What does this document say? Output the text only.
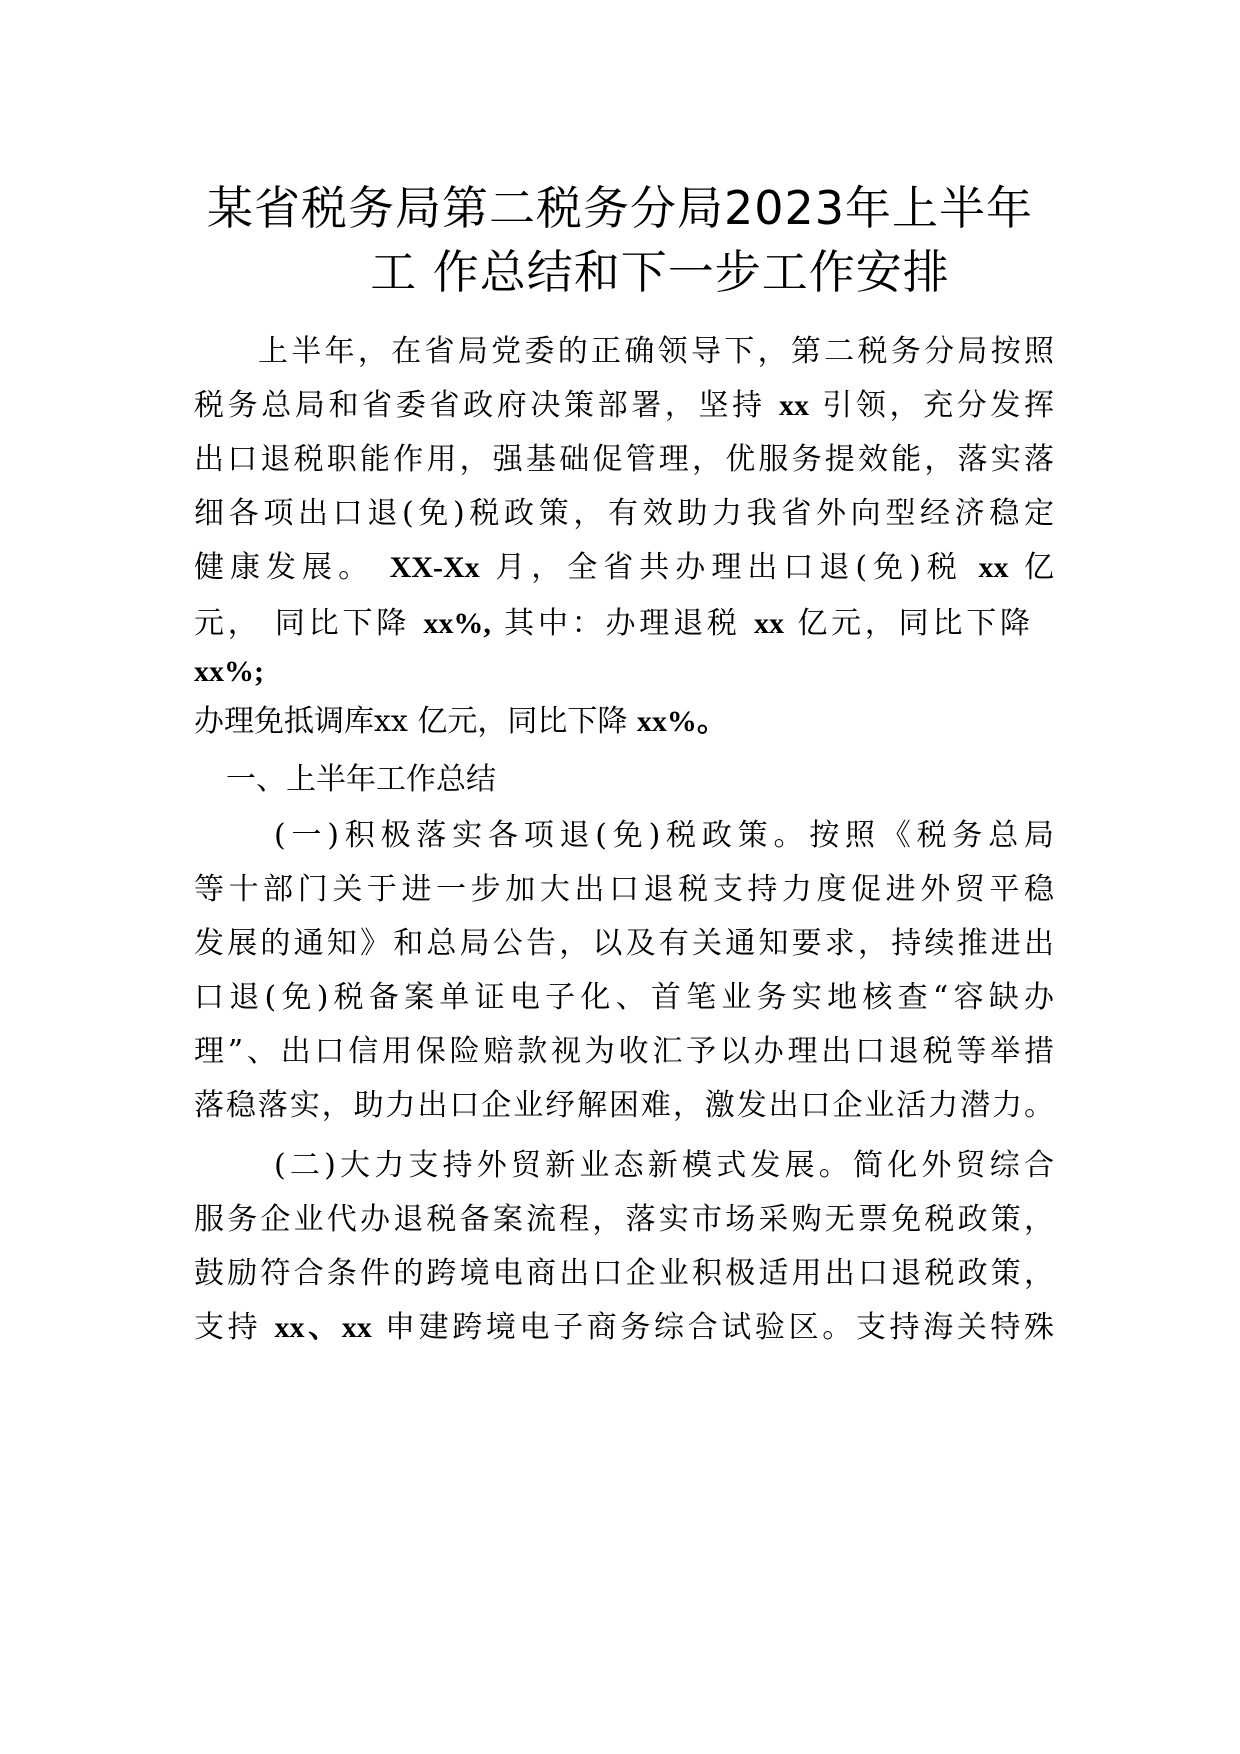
某省税务局第二税务分局2023年上半年
工 作总结和下一步工作安排
上半年，在省局党委的正确领导下，第二税务分局按照
税务总局和省委省政府决策部署，坚持 xx 引领，充分发挥
出口退税职能作用，强基础促管理，优服务提效能，落实落
细各项出口退(免)税政策，有效助力我省外向型经济稳定
健康发展。 XX-Xx 月，全省共办理出口退(免)税 xx 亿
元， 同比下降 xx%, 其中：办理退税 xx 亿元，同比下降
xx%;
办理免抵调库xx 亿元，同比下降 xx%。
一、上半年工作总结
(一)积极落实各项退(免)税政策。按照《税务总局
等十部门关于进一步加大出口退税支持力度促进外贸平稳
发展的通知》和总局公告，以及有关通知要求，持续推进出
口退(免)税备案单证电子化、首笔业务实地核查“容缺办
理”、出口信用保险赔款视为收汇予以办理出口退税等举措
落稳落实，助力出口企业纾解困难，激发出口企业活力潜力。
(二)大力支持外贸新业态新模式发展。简化外贸综合
服务企业代办退税备案流程，落实市场采购无票免税政策，
鼓励符合条件的跨境电商出口企业积极适用出口退税政策，
支持 xx、xx 申建跨境电子商务综合试验区。支持海关特殊
